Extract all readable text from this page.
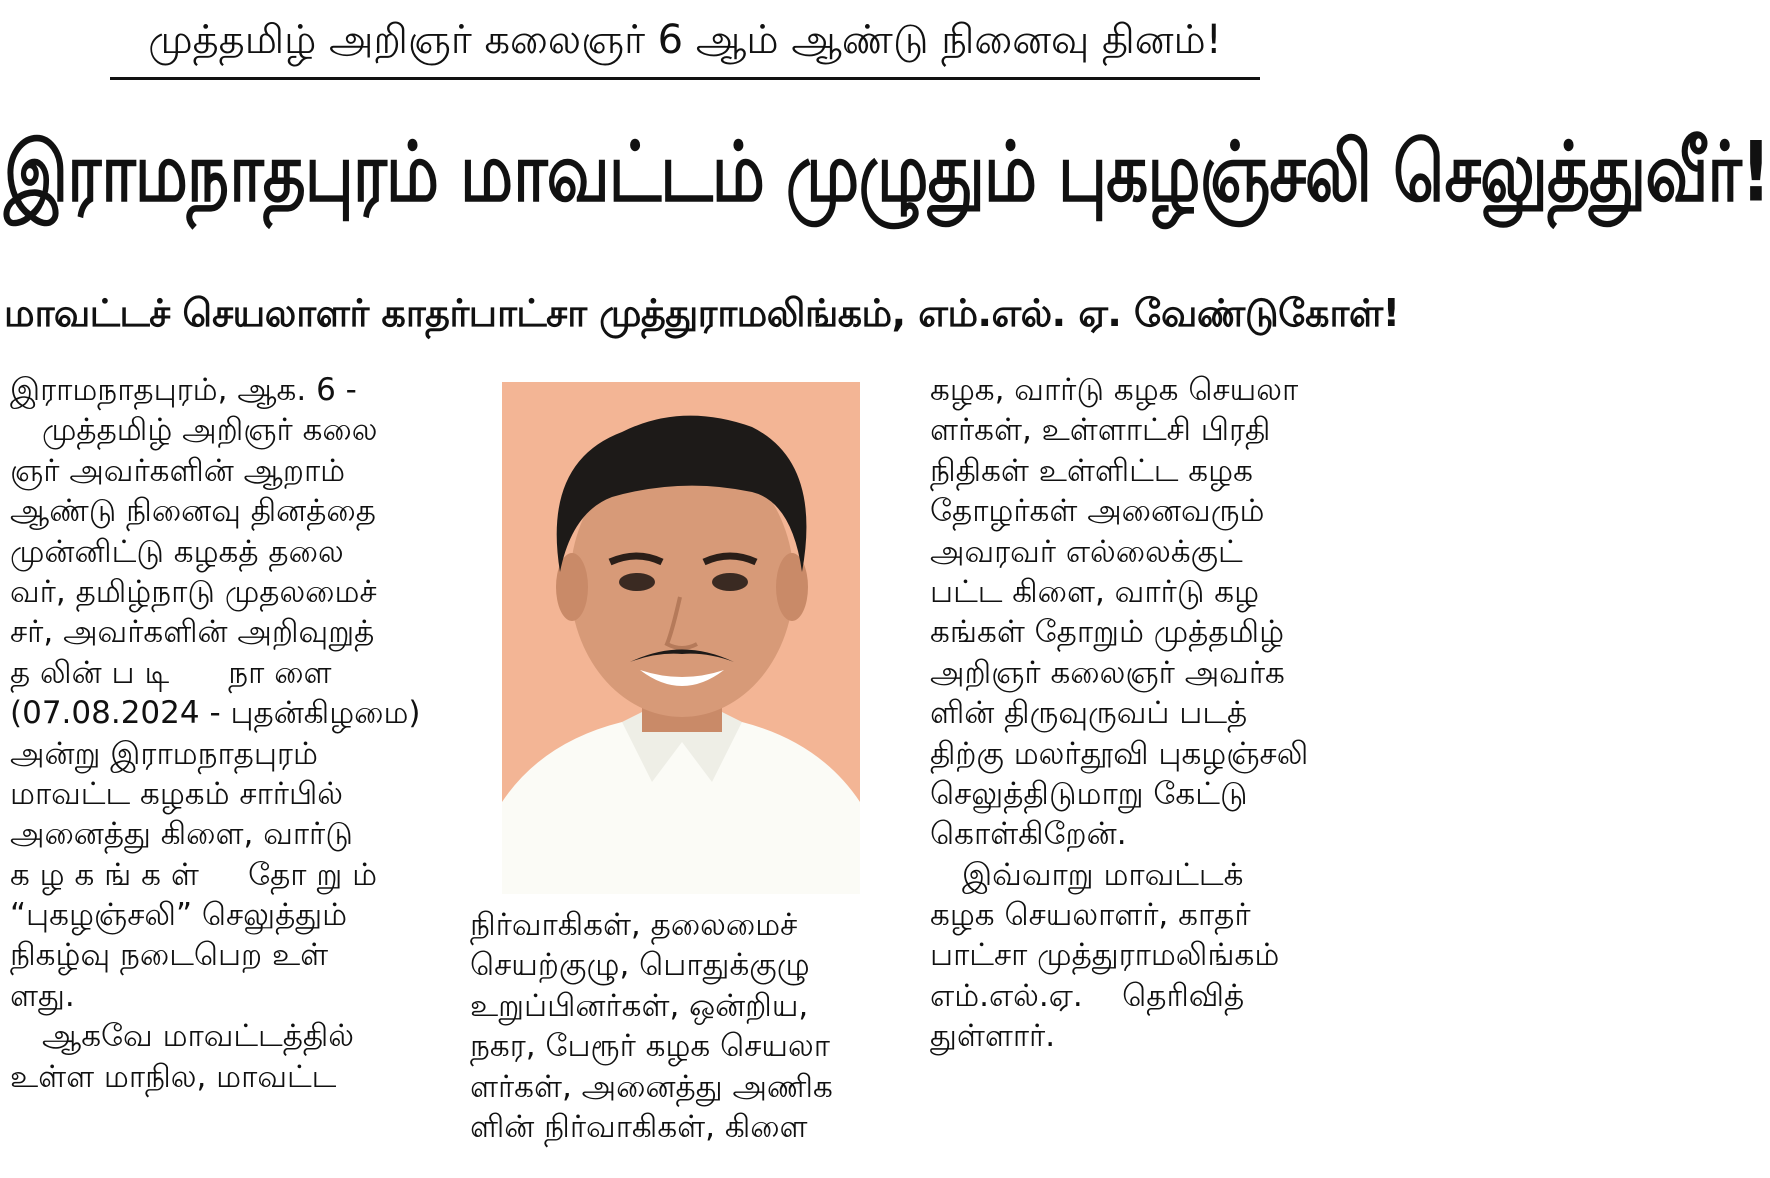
முத்தமிழ் அறிஞர் கலைஞர் 6 ஆம் ஆண்டு நினைவு தினம்!
இராமநாதபுரம் மாவட்டம் முழுதும் புகழஞ்சலி செலுத்துவீர்!
மாவட்டச் செயலாளர் காதர்பாட்சா முத்துராமலிங்கம், எம்.எல். ஏ. வேண்டுகோள்!
இராமநாதபுரம், ஆக. 6 -
முத்தமிழ் அறிஞர் கலை
ஞர் அவர்களின் ஆறாம்
ஆண்டு நினைவு தினத்தை
முன்னிட்டு கழகத் தலை
வர், தமிழ்நாடு முதலமைச்
சர், அவர்களின் அறிவுறுத்
த லின் ப டி      நா ளை
(07.08.2024 - புதன்கிழமை)
அன்று இராமநாதபுரம்
மாவட்ட கழகம் சார்பில்
அனைத்து கிளை, வார்டு
க ழ க ங் க ள்     தோ று ம்
“புகழஞ்சலி” செலுத்தும்
நிகழ்வு நடைபெற உள்
ளது.
ஆகவே மாவட்டத்தில்
உள்ள மாநில, மாவட்ட
நிர்வாகிகள், தலைமைச்
செயற்குழு, பொதுக்குழு
உறுப்பினர்கள், ஒன்றிய,
நகர, பேரூர் கழக செயலா
ளர்கள், அனைத்து அணிக
ளின் நிர்வாகிகள், கிளை
கழக, வார்டு கழக செயலா
ளர்கள், உள்ளாட்சி பிரதி
நிதிகள் உள்ளிட்ட கழக
தோழர்கள் அனைவரும்
அவரவர் எல்லைக்குட்
பட்ட கிளை, வார்டு கழ
கங்கள் தோறும் முத்தமிழ்
அறிஞர் கலைஞர் அவர்க
ளின் திருவுருவப் படத்
திற்கு மலர்தூவி புகழஞ்சலி
செலுத்திடுமாறு கேட்டு
கொள்கிறேன்.
இவ்வாறு மாவட்டக்
கழக செயலாளர், காதர்
பாட்சா முத்துராமலிங்கம்
எம்.எல்.ஏ.    தெரிவித்
துள்ளார்.
